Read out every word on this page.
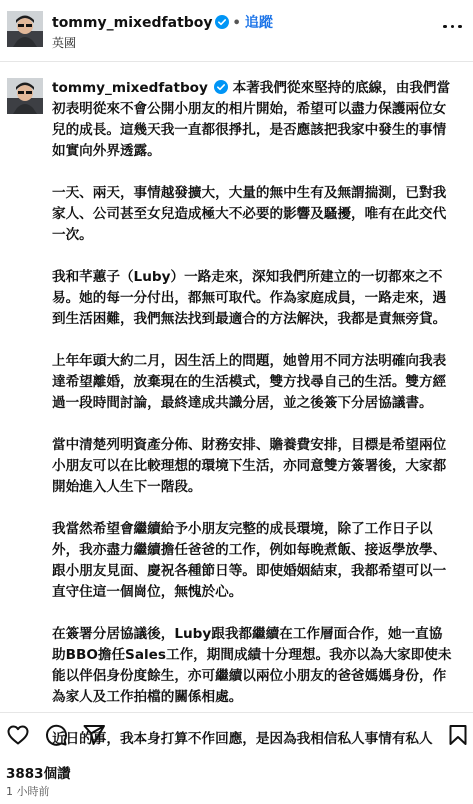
tommy_mixedfatboy • 追蹤
英國

tommy_mixedfatboy 本著我們從來堅持的底線，由我們當初表明從來不會公開小朋友的相片開始，希望可以盡力保護兩位女兒的成長。這幾天我一直都很掙扎，是否應該把我家中發生的事情如實向外界透露。

一天、兩天，事情越發擴大，大量的無中生有及無謂揣測，已對我家人、公司甚至女兒造成極大不必要的影響及騷擾，唯有在此交代一次。

我和芊蕙子（Luby）一路走來，深知我們所建立的一切都來之不易。她的每一分付出，都無可取代。作為家庭成員，一路走來，遇到生活困難，我們無法找到最適合的方法解決，我都是責無旁貸。

上年年頭大約二月，因生活上的問題，她曾用不同方法明確向我表達希望離婚，放棄現在的生活模式，雙方找尋自己的生活。雙方經過一段時間討論，最終達成共識分居，並之後簽下分居協議書。

當中清楚列明資產分佈、財務安排、贍養費安排，目標是希望兩位小朋友可以在比較理想的環境下生活，亦同意雙方簽署後，大家都開始進入人生下一階段。

我當然希望會繼續給予小朋友完整的成長環境，除了工作日子以外，我亦盡力繼續擔任爸爸的工作，例如每晚煮飯、接返學放學、跟小朋友見面、慶祝各種節日等。即使婚姻結束，我都希望可以一直守住這一個崗位，無愧於心。

在簽署分居協議後，Luby跟我都繼續在工作層面合作，她一直協助BBO擔任Sales工作，期間成績十分理想。我亦以為大家即使未能以伴侶身份度餘生，亦可繼續以兩位小朋友的爸爸媽媽身份，作為家人及工作拍檔的關係相處。

近日的事，我本身打算不作回應，是因為我相信私人事情有私人

3883個讚
1 小時前
